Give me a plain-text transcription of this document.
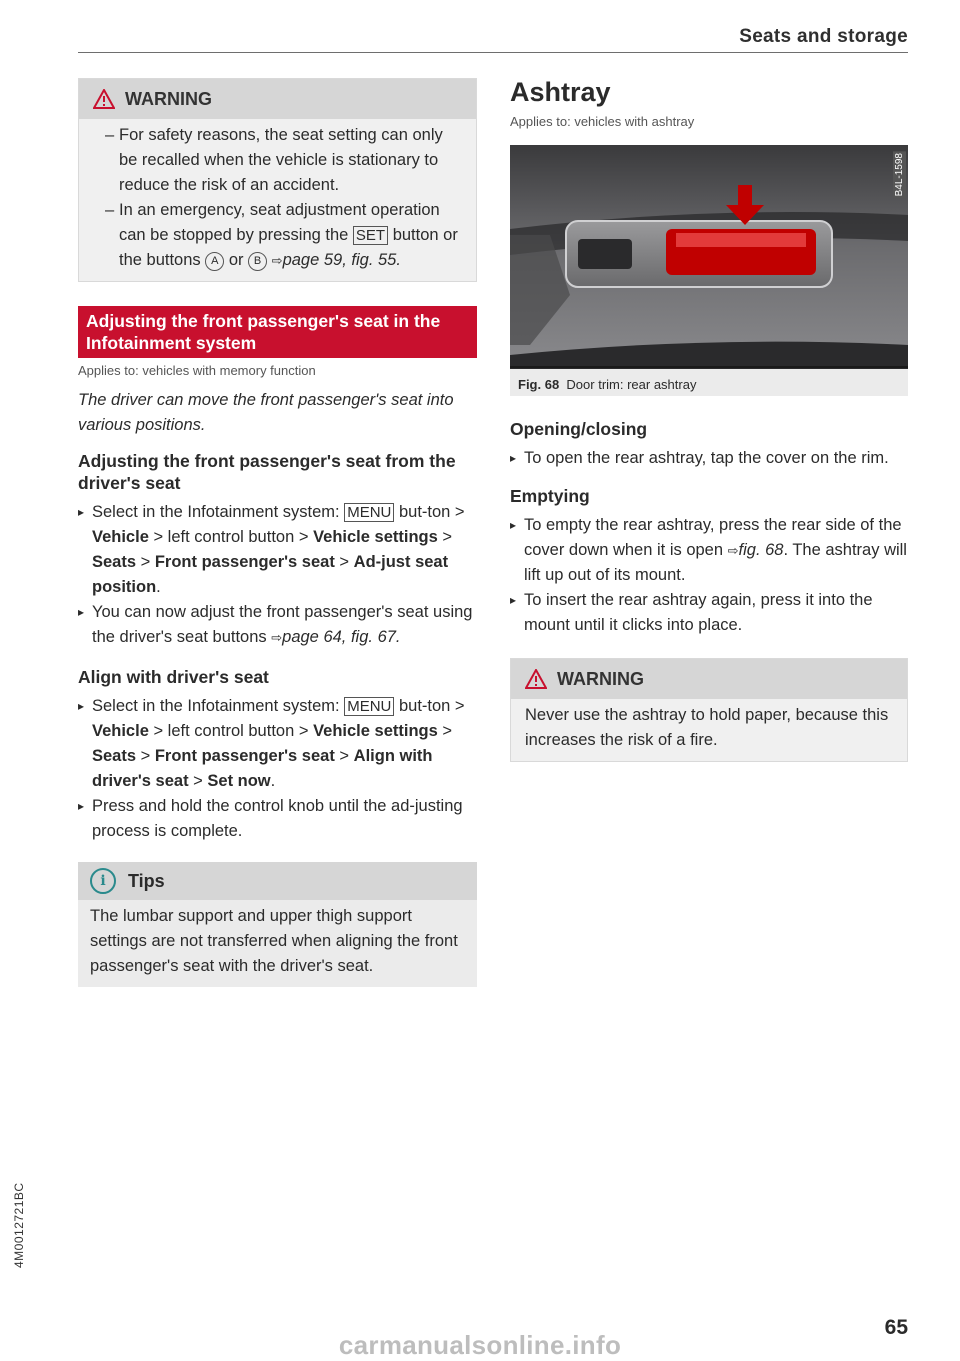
Seats and storage
WARNING
– For safety reasons, the seat setting can only be recalled when the vehicle is stationary to reduce the risk of an accident.
– In an emergency, seat adjustment operation can be stopped by pressing the SET button or the buttons A or B ⇨page 59, fig. 55.
Adjusting the front passenger's seat in the Infotainment system
Applies to: vehicles with memory function
The driver can move the front passenger's seat into various positions.
Adjusting the front passenger's seat from the driver's seat
▸ Select in the Infotainment system: MENU but-ton > Vehicle > left control button > Vehicle settings > Seats > Front passenger's seat > Ad-just seat position.
▸ You can now adjust the front passenger's seat using the driver's seat buttons ⇨page 64, fig. 67.
Align with driver's seat
▸ Select in the Infotainment system: MENU but-ton > Vehicle > left control button > Vehicle settings > Seats > Front passenger's seat > Align with driver's seat > Set now.
▸ Press and hold the control knob until the ad-justing process is complete.
i	Tips
The lumbar support and upper thigh support settings are not transferred when aligning the front passenger's seat with the driver's seat.
Ashtray
Applies to: vehicles with ashtray
B4L-1598
Fig. 68 Door trim: rear ashtray
Opening/closing
▸ To open the rear ashtray, tap the cover on the rim.
Emptying
▸ To empty the rear ashtray, press the rear side of the cover down when it is open ⇨fig. 68. The ashtray will lift up out of its mount.
▸ To insert the rear ashtray again, press it into the mount until it clicks into place.
WARNING
Never use the ashtray to hold paper, because this increases the risk of a fire.
4M0012721BC
65
carmanualsonline.info
